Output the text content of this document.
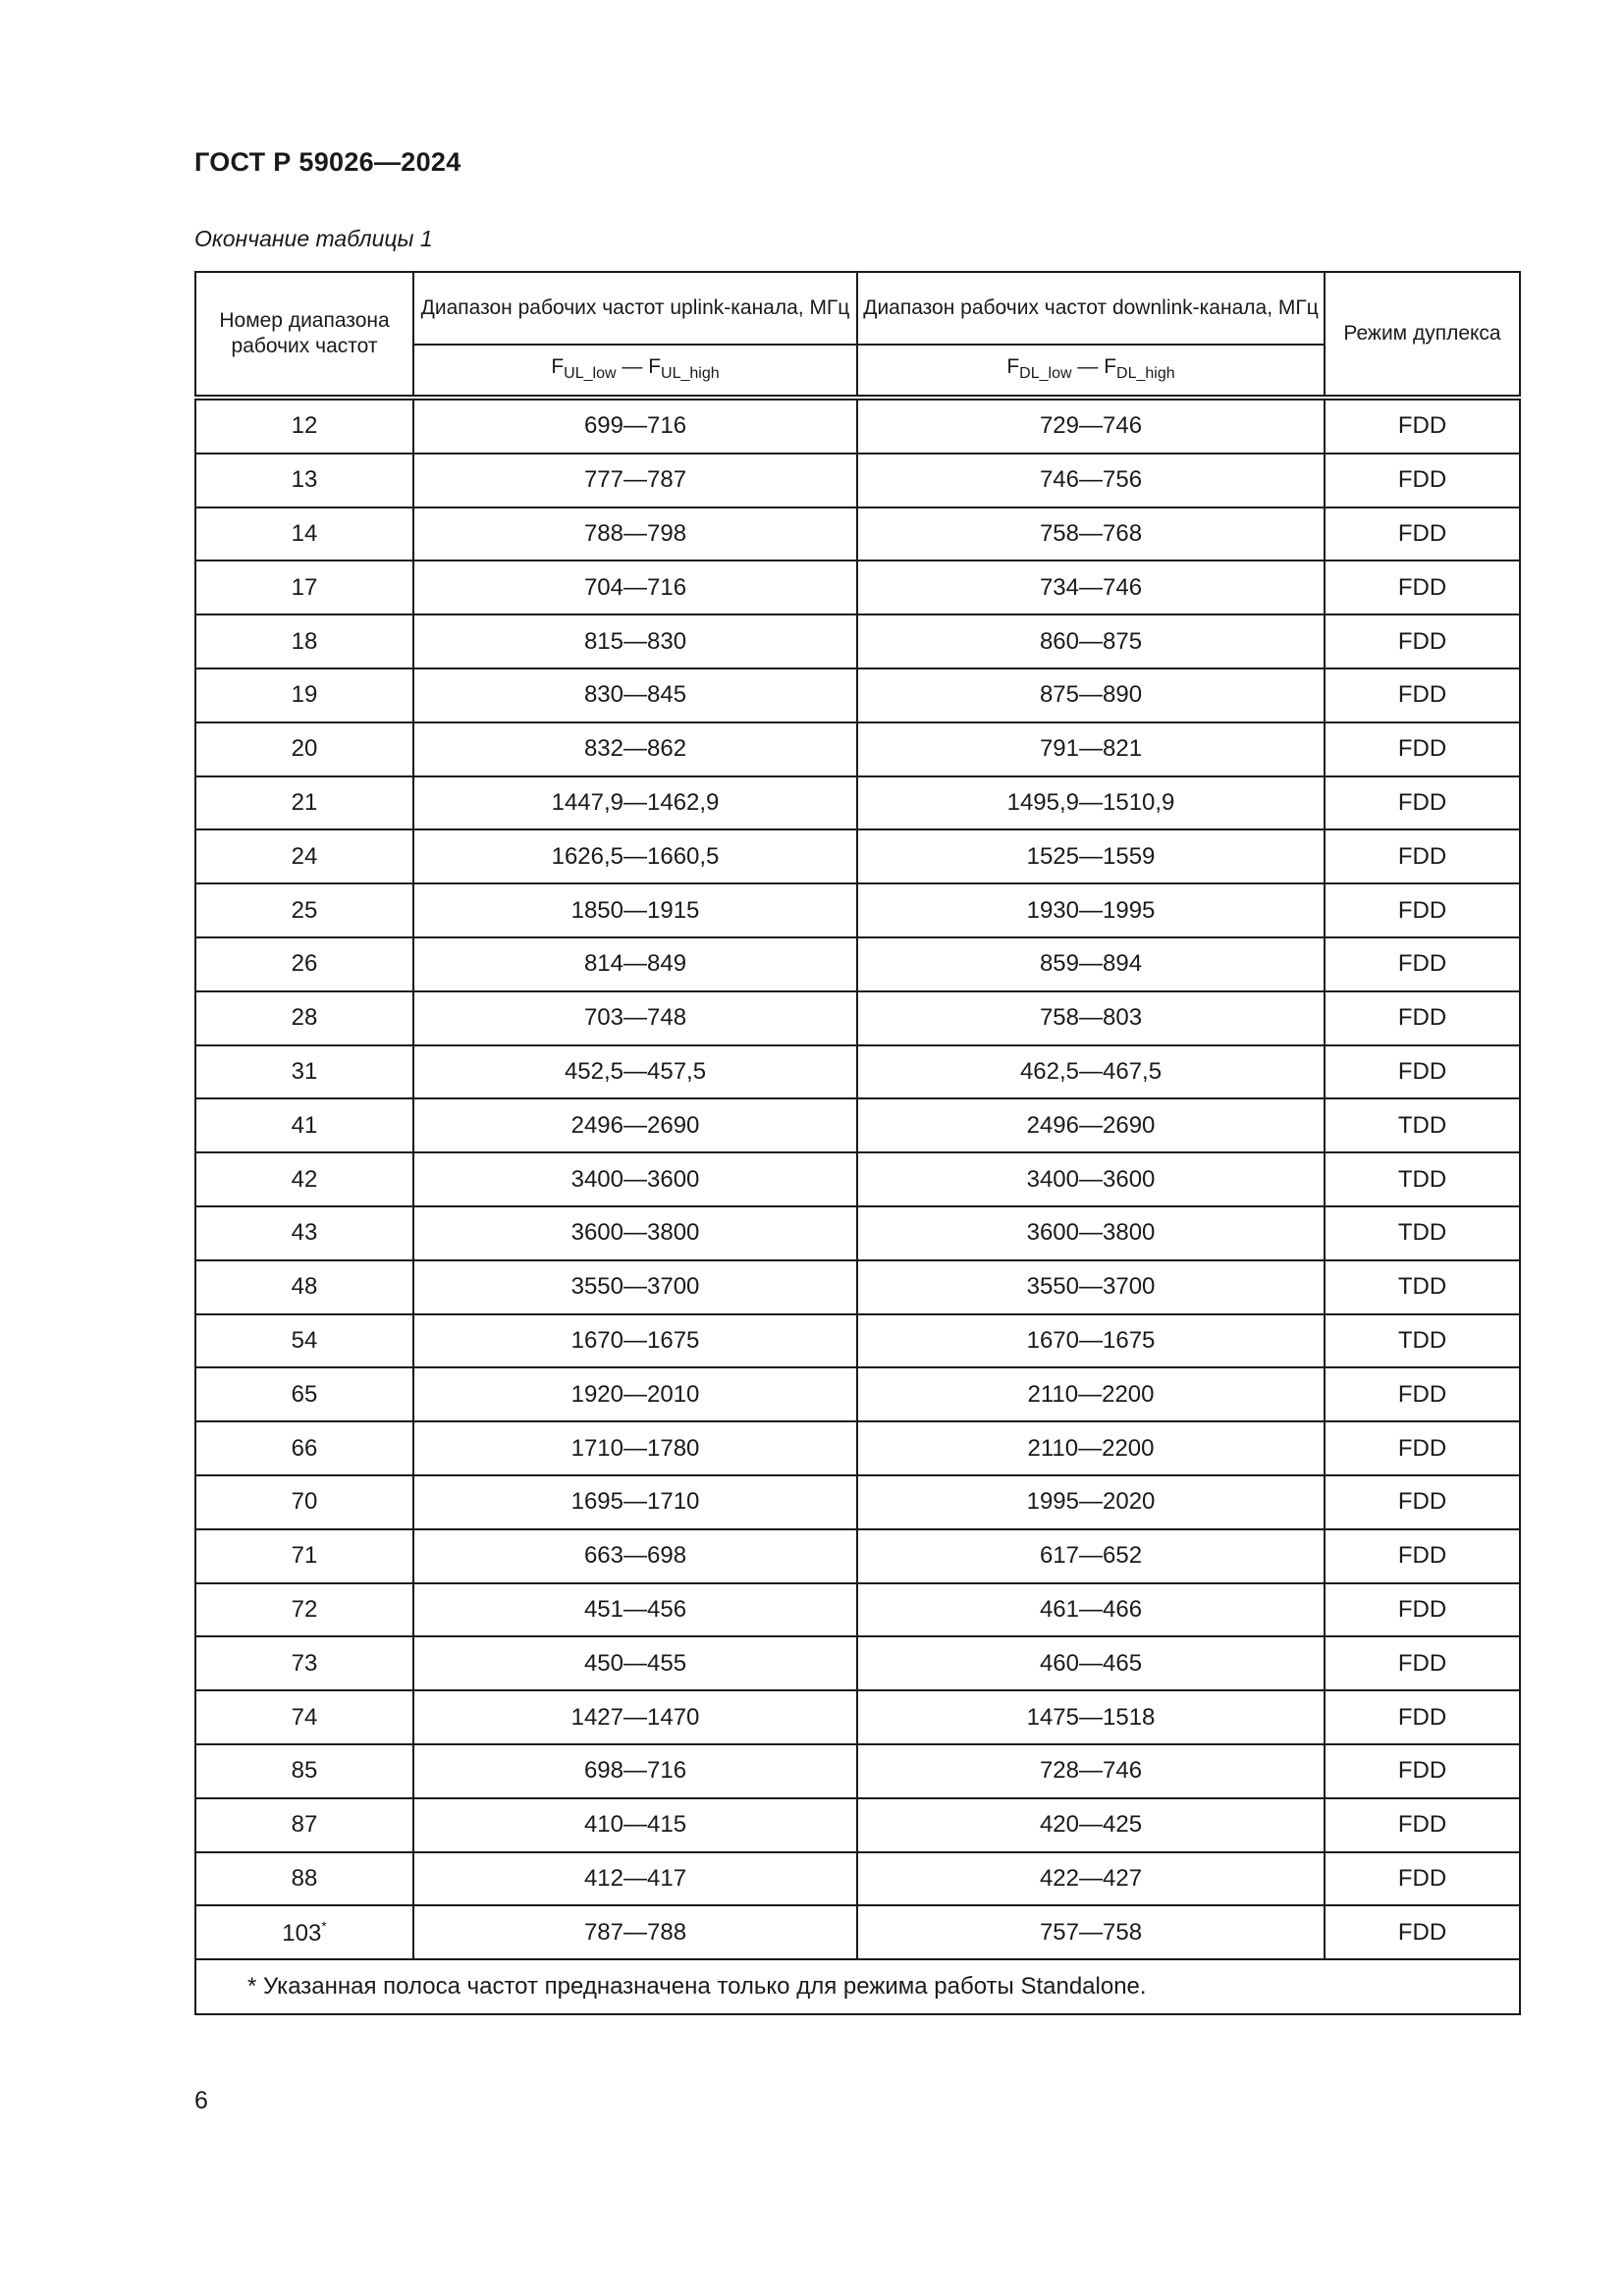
ГОСТ Р 59026—2024
Окончание таблицы 1
Номер диапазона рабочих частот	Диапазон рабочих частот uplink-канала, МГц	Диапазон рабочих частот downlink-канала, МГц	Режим дуплекса
	$F_{UL\_low}$ — $F_{UL\_high}$	$F_{DL\_low}$ — $F_{DL\_high}$
12	699—716	729—746	FDD
13	777—787	746—756	FDD
14	788—798	758—768	FDD
17	704—716	734—746	FDD
18	815—830	860—875	FDD
19	830—845	875—890	FDD
20	832—862	791—821	FDD
21	1447,9—1462,9	1495,9—1510,9	FDD
24	1626,5—1660,5	1525—1559	FDD
25	1850—1915	1930—1995	FDD
26	814—849	859—894	FDD
28	703—748	758—803	FDD
31	452,5—457,5	462,5—467,5	FDD
41	2496—2690	2496—2690	TDD
42	3400—3600	3400—3600	TDD
43	3600—3800	3600—3800	TDD
48	3550—3700	3550—3700	TDD
54	1670—1675	1670—1675	TDD
65	1920—2010	2110—2200	FDD
66	1710—1780	2110—2200	FDD
70	1695—1710	1995—2020	FDD
71	663—698	617—652	FDD
72	451—456	461—466	FDD
73	450—455	460—465	FDD
74	1427—1470	1475—1518	FDD
85	698—716	728—746	FDD
87	410—415	420—425	FDD
88	412—417	422—427	FDD
103*	787—788	757—758	FDD
* Указанная полоса частот предназначена только для режима работы Standalone.			
6
